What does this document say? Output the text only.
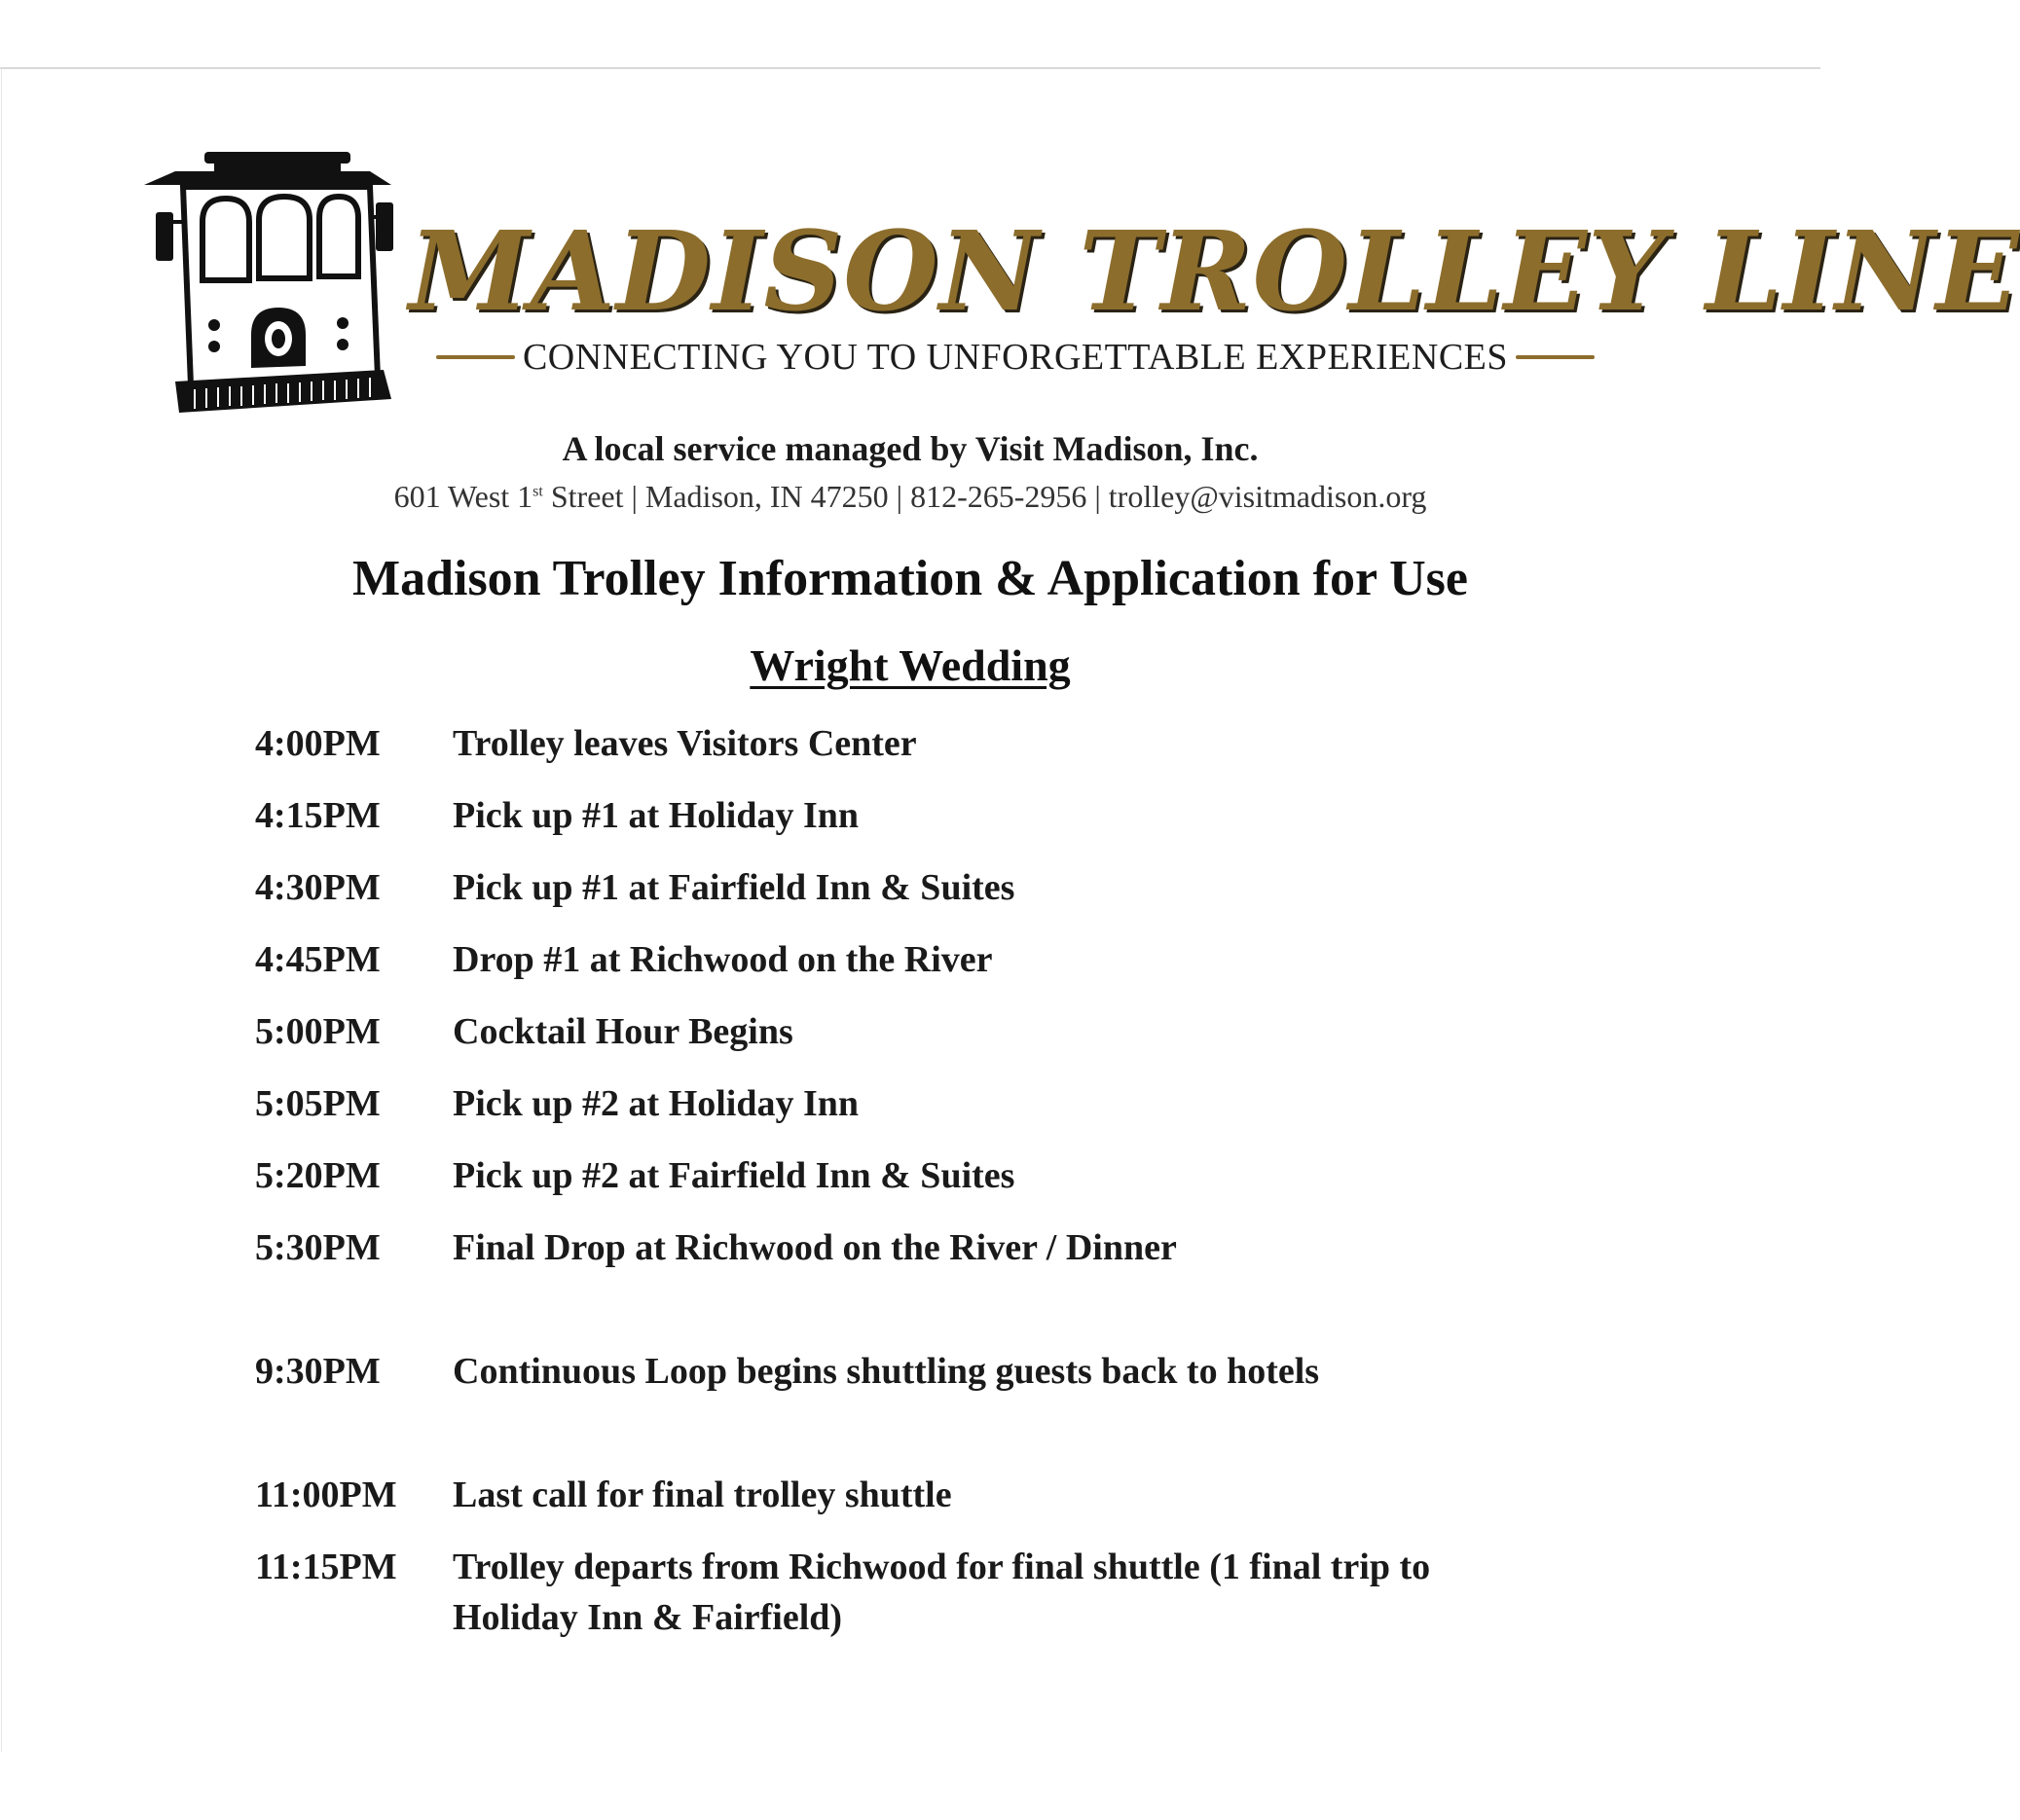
MADISON TROLLEY LINE
CONNECTING YOU TO UNFORGETTABLE EXPERIENCES
A local service managed by Visit Madison, Inc.
601 West 1st Street | Madison, IN 47250 | 812-265-2956 | trolley@visitmadison.org
Madison Trolley Information & Application for Use
Wright Wedding
4:00PM	Trolley leaves Visitors Center
4:15PM	Pick up #1 at Holiday Inn
4:30PM	Pick up #1 at Fairfield Inn & Suites
4:45PM	Drop #1 at Richwood on the River
5:00PM	Cocktail Hour Begins
5:05PM	Pick up #2 at Holiday Inn
5:20PM	Pick up #2 at Fairfield Inn & Suites
5:30PM	Final Drop at Richwood on the River / Dinner
9:30PM	Continuous Loop begins shuttling guests back to hotels
11:00PM	Last call for final trolley shuttle
11:15PM	Trolley departs from Richwood for final shuttle (1 final trip to Holiday Inn & Fairfield)
